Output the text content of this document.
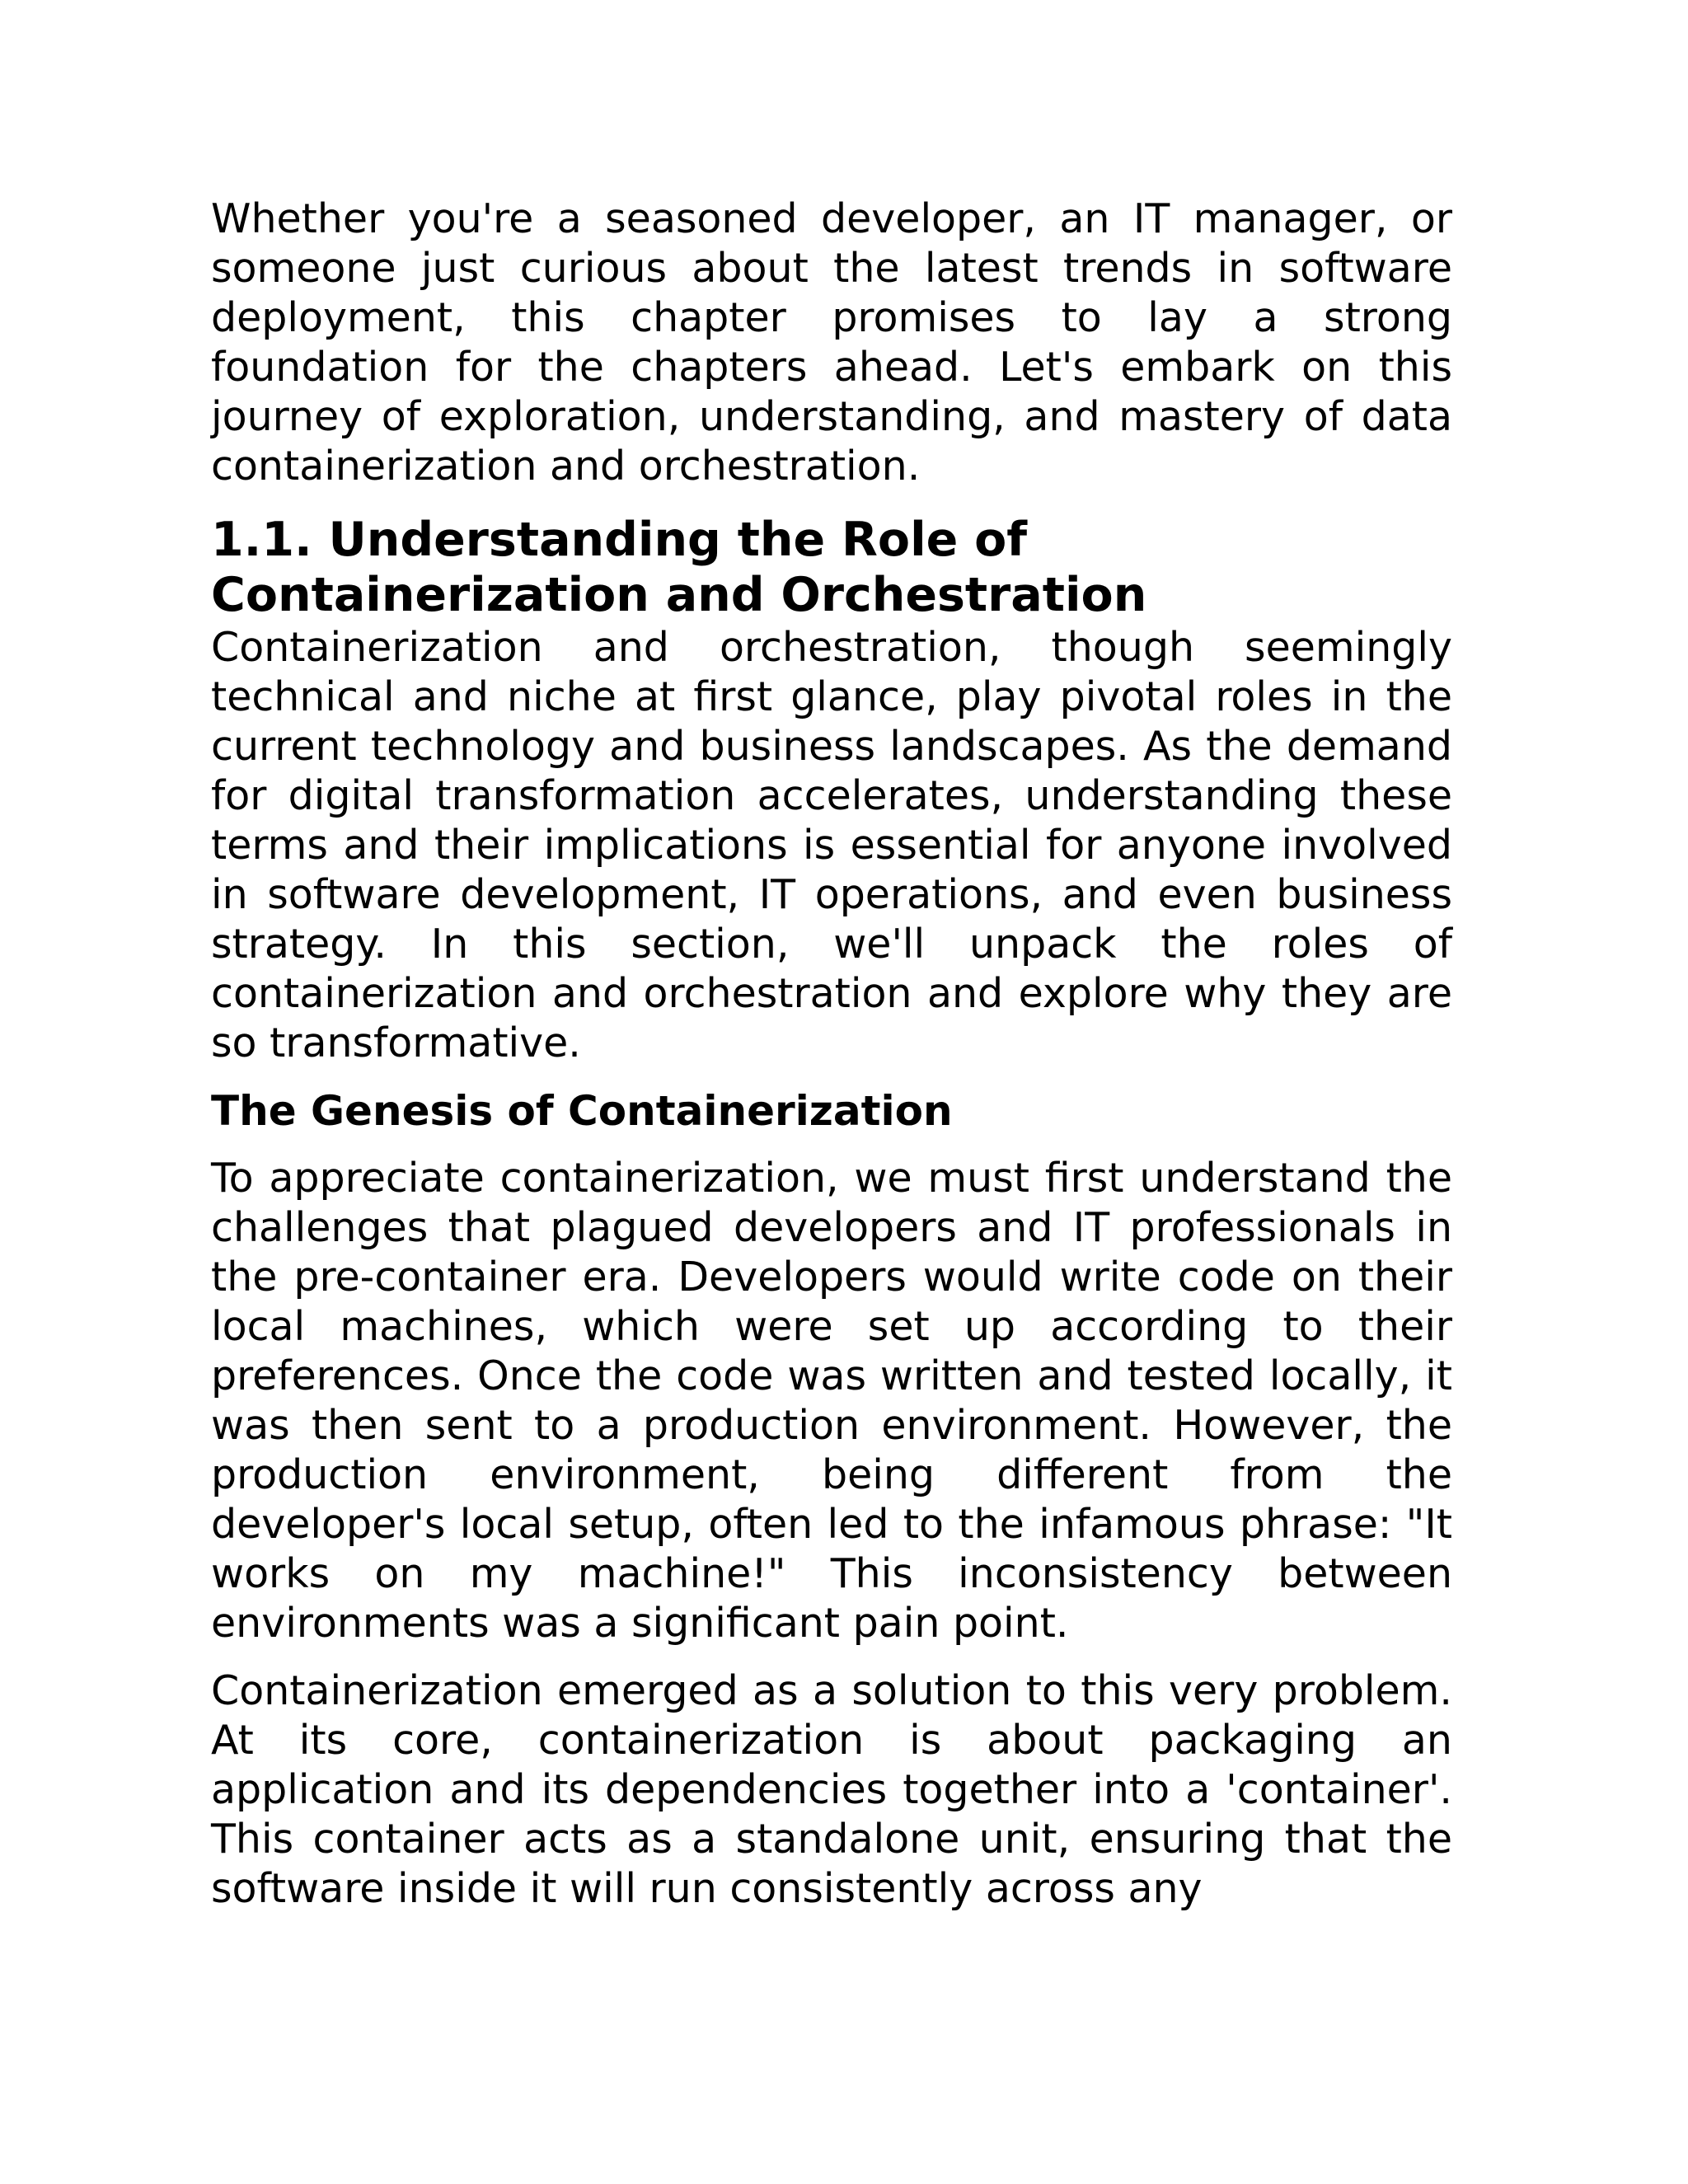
Whether you're a seasoned developer, an IT manager, or someone just curious about the latest trends in software deployment, this chapter promises to lay a strong foundation for the chapters ahead. Let's embark on this journey of exploration, understanding, and mastery of data containerization and orchestration.

1.1. Understanding the Role of Containerization and Orchestration

Containerization and orchestration, though seemingly technical and niche at first glance, play pivotal roles in the current technology and business landscapes. As the demand for digital transformation accelerates, understanding these terms and their implications is essential for anyone involved in software development, IT operations, and even business strategy. In this section, we'll unpack the roles of containerization and orchestration and explore why they are so transformative.

The Genesis of Containerization

To appreciate containerization, we must first understand the challenges that plagued developers and IT professionals in the pre-container era. Developers would write code on their local machines, which were set up according to their preferences. Once the code was written and tested locally, it was then sent to a production environment. However, the production environment, being different from the developer's local setup, often led to the infamous phrase: "It works on my machine!" This inconsistency between environments was a significant pain point.

Containerization emerged as a solution to this very problem. At its core, containerization is about packaging an application and its dependencies together into a 'container'. This container acts as a standalone unit, ensuring that the software inside it will run consistently across any
